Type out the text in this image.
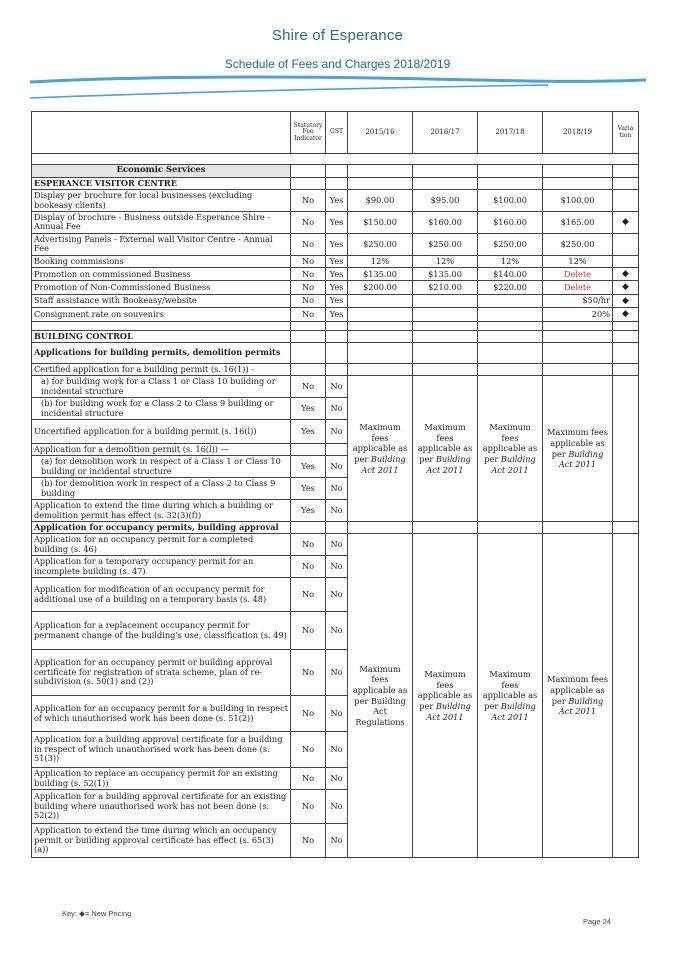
Shire of Esperance
Schedule of Fees and Charges 2018/2019
	Statutory Fee Indicator	GST	2015/16	2016/17	2017/18	2018/19	Varia tion	

Economic Services								
ESPERANCE VISITOR CENTRE								
Display per brochure for local businesses (excluding bookeasy clients)	No	Yes	$90.00	$95.00	$100.00	$100.00		
Display of brochure - Business outside Esperance Shire - Annual Fee	No	Yes	$150.00	$160.00	$160.00	$165.00	◆	
Advertising Panels - External wall Visitor Centre - Annual Fee	No	Yes	$250.00	$250.00	$250.00	$250.00		
Booking commissions	No	Yes	12%	12%	12%	12%		
Promotion on commissioned Business	No	Yes	$135.00	$135.00	$140.00	Delete	◆	
Promotion of Non-Commissioned Business	No	Yes	$200.00	$210.00	$220.00	Delete	◆	
Staff assistance with Bookeasy/website	No	Yes				$50/hr	◆	
Consignment rate on souvenirs	No	Yes				20%	◆	

BUILDING CONTROL								
Applications for building permits, demolition permits								
Certified application for a building permit (s. 16(1)) -								
a) for building work for a Class 1 or Class 10 building or incidental structure	No	No	Maximum fees applicable as per Building Act 2011	Maximum fees applicable as per Building Act 2011	Maximum fees applicable as per Building Act 2011	Maximum fees applicable as per Building Act 2011		
(b) for building work for a Class 2 to Class 9 building or incidental structure	Yes	No						
Uncertified application for a building permit (s. 16(l))	Yes	No						
Application for a demolition permit (s. 16(l)) —								
(a) for demolition work in respect of a Class 1 or Class 10 building or incidental structure	Yes	No						
(b) for demolition work in respect of a Class 2 to Class 9 building	Yes	No						
Application to extend the time during which a building or demolition permit has effect (s. 32(3)(f))	Yes	No						
Application for occupancy permits, building approval								
Application for an occupancy permit for a completed building (s. 46)	No	No	Maximum fees applicable as per Building Act Regulations	Maximum fees applicable as per Building Act 2011	Maximum fees applicable as per Building Act 2011	Maximum fees applicable as per Building Act 2011		
Application for a temporary occupancy permit for an incomplete building (s. 47)	No	No						
Application for modification of an occupancy permit for additional use of a building on a temporary basis (s. 48)	No	No						
Application for a replacement occupancy permit for permanent change of the building's use, classification (s. 49)	No	No						
Application for an occupancy permit or building approval certificate for registration of strata scheme, plan of re-subdivision (s. 50(1) and (2))	No	No						
Application for an occupancy permit for a building in respect of which unauthorised work has been done (s. 51(2))	No	No						
Application for a building approval certificate for a building in respect of which unauthorised work has been done (s. 51(3))	No	No						
Application to replace an occupancy permit for an existing building (s. 52(1))	No	No						
Application for a building approval certificate for an existing building where unauthorised work has not been done (s. 52(2))	No	No						
Application to extend the time during which an occupancy permit or building approval certificate has effect (s. 65(3)(a))	No	No						
Key: ◆= New Pricing
Page 24
